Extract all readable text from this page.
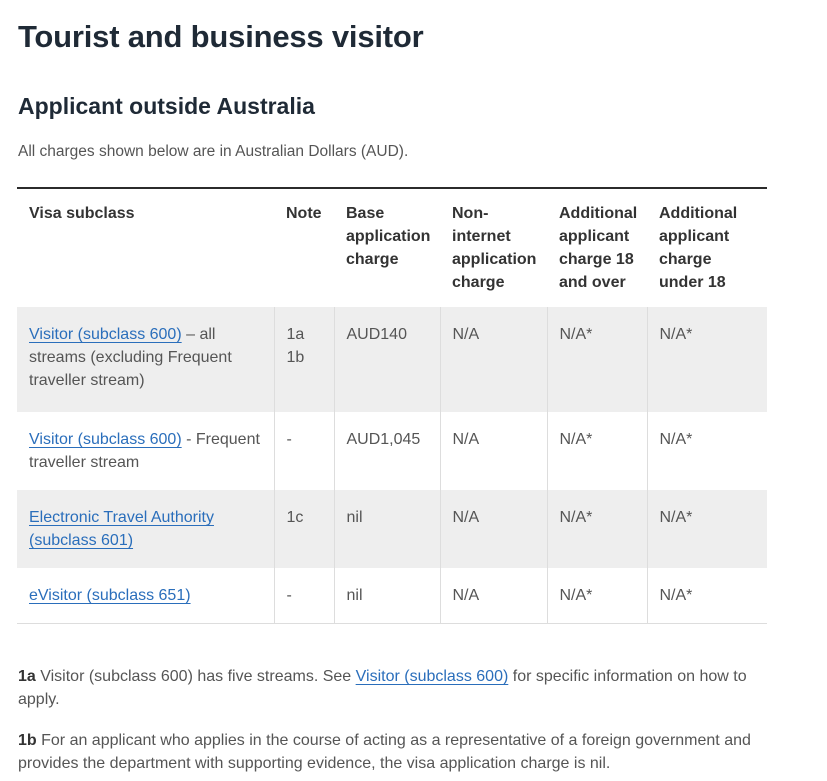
Tourist and business visitor
Applicant outside Australia

All charges shown below are in Australian Dollars (AUD).

Visa subclass	Note	Base application charge	Non-internet application charge	Additional applicant charge 18 and over	Additional applicant charge under 18
Visitor (subclass 600) – all streams (excluding Frequent traveller stream)	1a 1b	AUD140	N/A	N/A*	N/A*
Visitor (subclass 600) - Frequent traveller stream	-	AUD1,045	N/A	N/A*	N/A*
Electronic Travel Authority (subclass 601)	1c	nil	N/A	N/A*	N/A*
eVisitor (subclass 651)	-	nil	N/A	N/A*	N/A*

1a Visitor (subclass 600) has five streams. See Visitor (subclass 600) for specific information on how to apply.

1b For an applicant who applies in the course of acting as a representative of a foreign government and provides the department with supporting evidence, the visa application charge is nil.
